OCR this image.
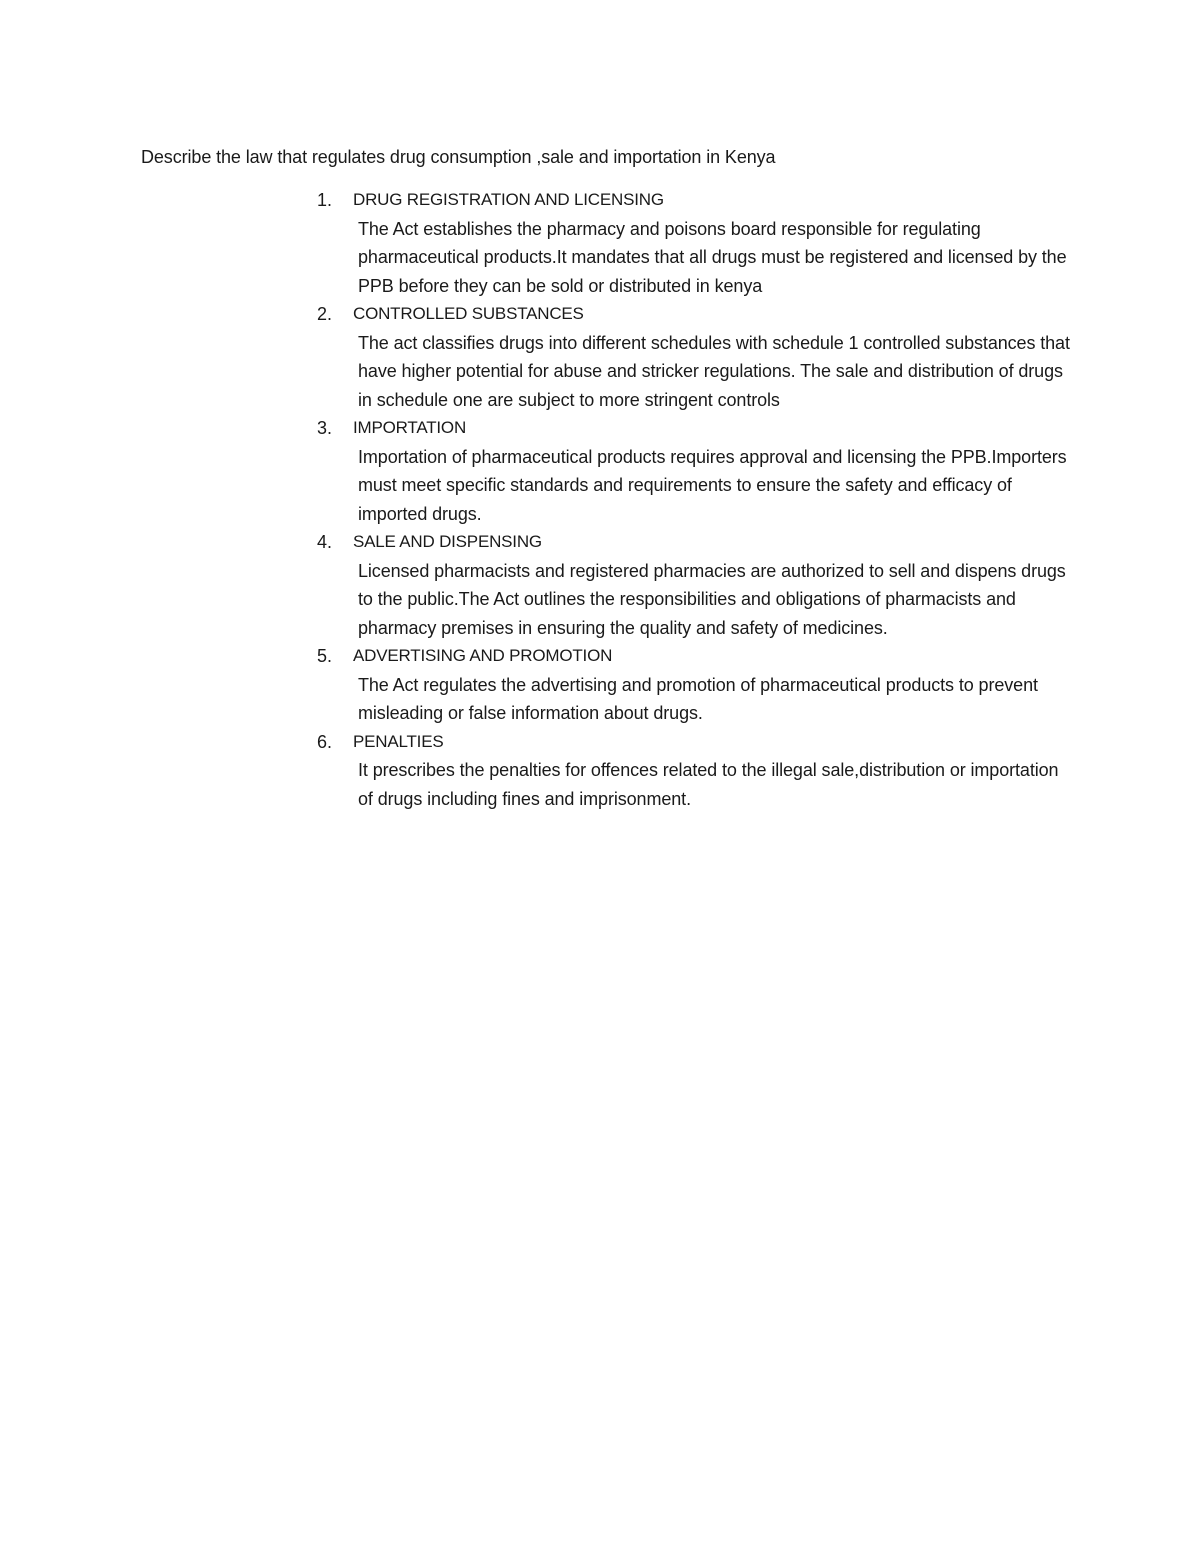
Describe the law that regulates drug consumption ,sale and importation in Kenya
1. DRUG REGISTRATION AND LICENSING
The Act establishes the pharmacy and poisons board responsible for regulating pharmaceutical products.It mandates that all drugs must be registered and licensed by the PPB before they can be sold or distributed in kenya
2. CONTROLLED SUBSTANCES
The act classifies drugs into different schedules with schedule 1 controlled substances that have higher potential for abuse and stricker regulations. The sale and distribution of drugs in schedule one are subject to more stringent controls
3. IMPORTATION
Importation of pharmaceutical products requires approval and licensing the PPB.Importers must meet specific standards and requirements to ensure the safety and efficacy of imported drugs.
4. SALE AND DISPENSING
Licensed pharmacists and registered pharmacies are authorized to sell and dispens drugs to the public.The Act outlines the responsibilities and obligations of pharmacists and pharmacy premises in ensuring the quality and safety of medicines.
5. ADVERTISING AND PROMOTION
The Act regulates the advertising and promotion of pharmaceutical products to prevent misleading or false information about drugs.
6. PENALTIES
It prescribes the penalties for offences related to the illegal sale,distribution or importation of drugs including fines and imprisonment.
